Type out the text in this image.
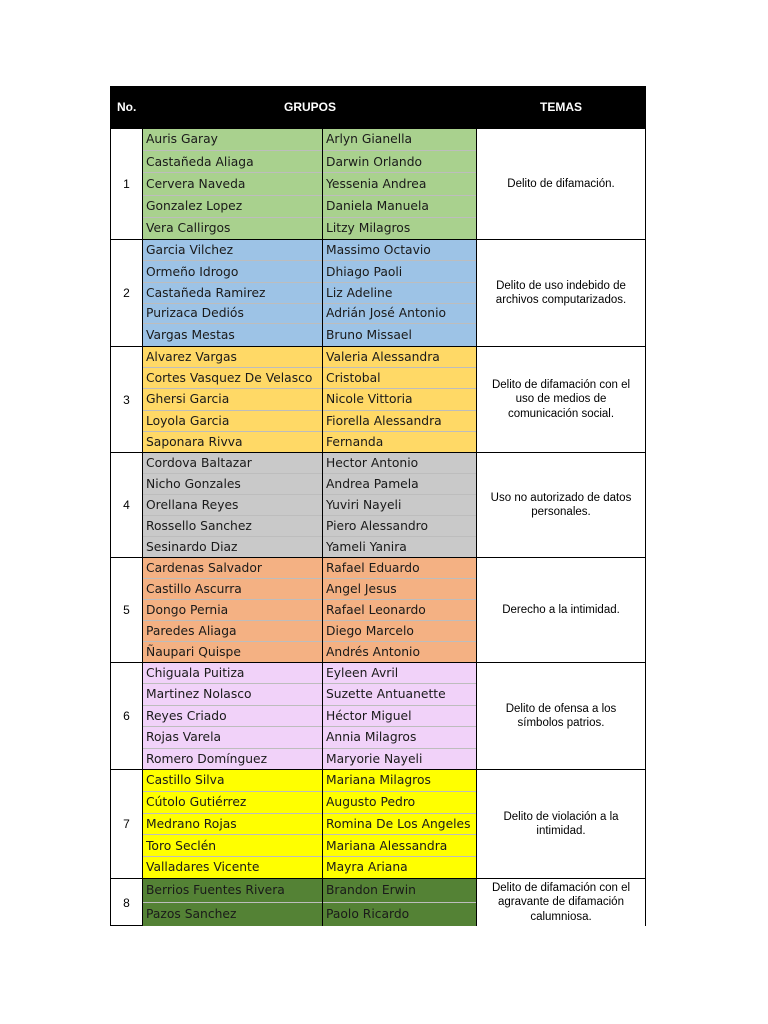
No.	GRUPOS	TEMAS
1
Auris Garay
Castañeda Aliaga
Cervera Naveda
Gonzalez Lopez
Vera Callirgos
Arlyn Gianella
Darwin Orlando
Yessenia Andrea
Daniela Manuela
Litzy Milagros
Delito de difamación.
2
Garcia Vilchez
Ormeño Idrogo
Castañeda Ramirez
Purizaca Dediós
Vargas Mestas
Massimo Octavio
Dhiago Paoli
Liz Adeline
Adrián José Antonio
Bruno Missael
Delito de uso indebido de archivos computarizados.
3
Alvarez Vargas
Cortes Vasquez De Velasco
Ghersi Garcia
Loyola Garcia
Saponara Rivva
Valeria Alessandra
Cristobal
Nicole Vittoria
Fiorella Alessandra
Fernanda
Delito de difamación con el uso de medios de comunicación social.
4
Cordova Baltazar
Nicho Gonzales
Orellana Reyes
Rossello Sanchez
Sesinardo Diaz
Hector Antonio
Andrea Pamela
Yuviri Nayeli
Piero Alessandro
Yameli Yanira
Uso no autorizado de datos personales.
5
Cardenas Salvador
Castillo Ascurra
Dongo Pernia
Paredes Aliaga
Ñaupari Quispe
Rafael Eduardo
Angel Jesus
Rafael Leonardo
Diego Marcelo
Andrés Antonio
Derecho a la intimidad.
6
Chiguala Puitiza
Martinez Nolasco
Reyes Criado
Rojas Varela
Romero Domínguez
Eyleen Avril
Suzette Antuanette
Héctor Miguel
Annia Milagros
Maryorie Nayeli
Delito de ofensa a los símbolos patrios.
7
Castillo Silva
Cútolo Gutiérrez
Medrano Rojas
Toro Seclén
Valladares Vicente
Mariana Milagros
Augusto Pedro
Romina De Los Angeles
Mariana Alessandra
Mayra Ariana
Delito de violación a la intimidad.
8
Berrios Fuentes Rivera
Pazos Sanchez
Brandon Erwin
Paolo Ricardo
Delito de difamación con el agravante de difamación calumniosa.
